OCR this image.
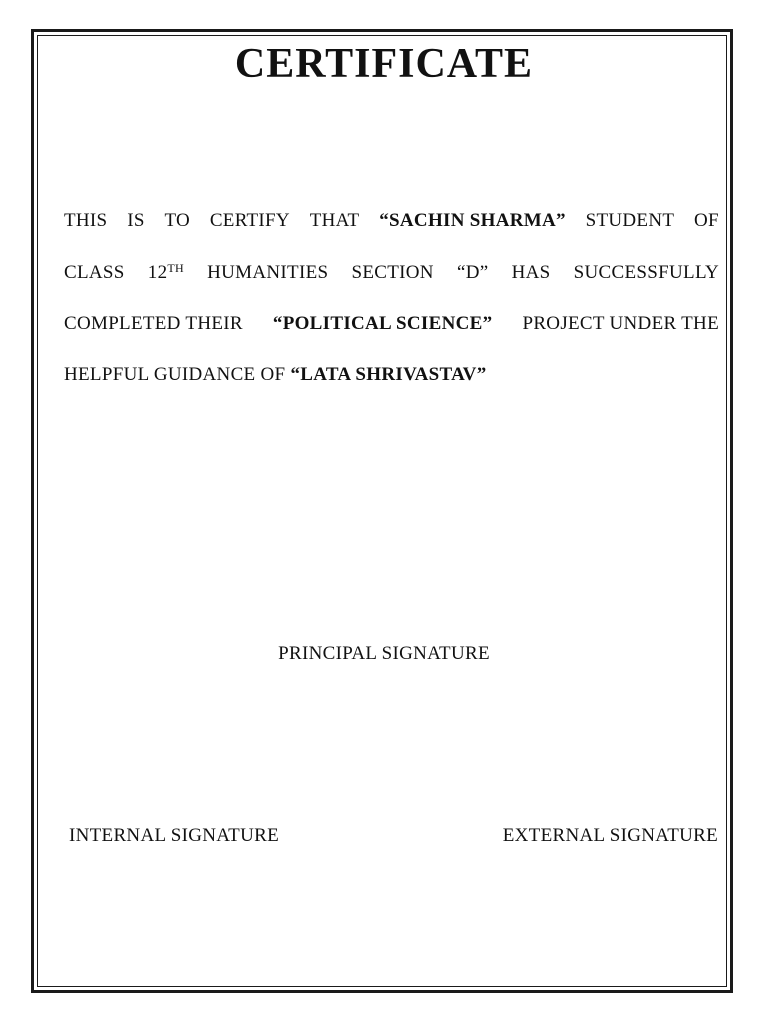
CERTIFICATE
THIS IS TO CERTIFY THAT “SACHIN SHARMA” STUDENT OF
CLASS 12TH HUMANITIES SECTION “D” HAS SUCCESSFULLY
COMPLETED THEIR “POLITICAL SCIENCE” PROJECT UNDER THE
HELPFUL GUIDANCE OF “LATA SHRIVASTAV”
PRINCIPAL SIGNATURE
INTERNAL SIGNATURE	EXTERNAL SIGNATURE
